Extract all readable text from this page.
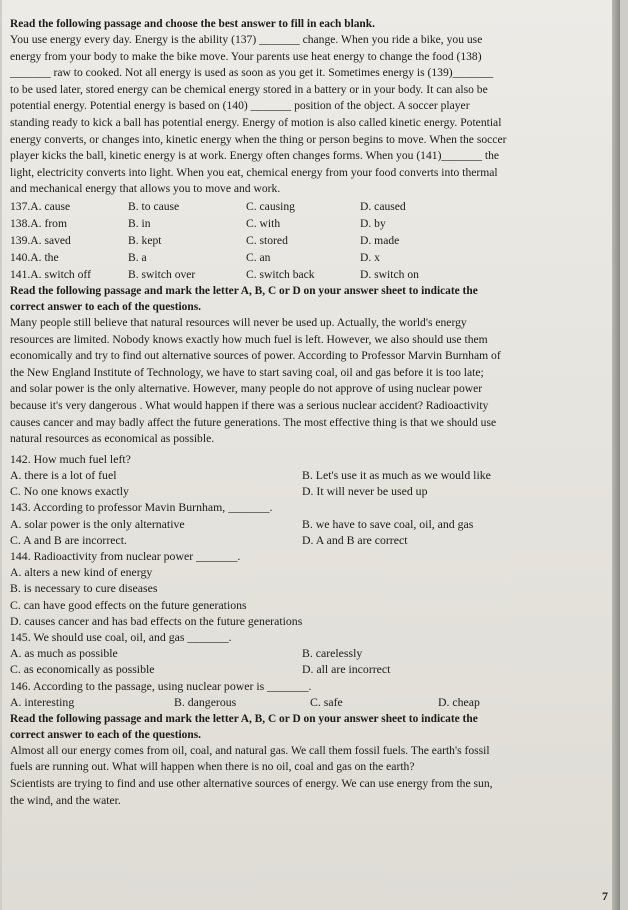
Read the following passage and choose the best answer to fill in each blank.

You use energy every day. Energy is the ability (137) _______ change. When you ride a bike, you use

energy from your body to make the bike move. Your parents use heat energy to change the food (138)

_______ raw to cooked. Not all energy is used as soon as you get it. Sometimes energy is (139)_______

to be used later, stored energy can be chemical energy stored in a battery or in your body. It can also be

potential energy. Potential energy is based on (140) _______ position of the object. A soccer player

standing ready to kick a ball has potential energy. Energy of motion is also called kinetic energy. Potential

energy converts, or changes into, kinetic energy when the thing or person begins to move. When the soccer

player kicks the ball, kinetic energy is at work. Energy often changes forms. When you (141)_______ the

light, electricity converts into light. When you eat, chemical energy from your food converts into thermal

and mechanical energy that allows you to move and work.

137.A. cause	B. to cause	C. causing	D. caused
138.A. from	B. in	C. with	D. by
139.A. saved	B. kept	C. stored	D. made
140.A. the	B. a	C. an	D. x
141.A. switch off	B. switch over	C. switch back	D. switch on

Read the following passage and mark the letter A, B, C or D on your answer sheet to indicate the

correct answer to each of the questions.

Many people still believe that natural resources will never be used up. Actually, the world's energy

resources are limited. Nobody knows exactly how much fuel is left. However, we also should use them

economically and try to find out alternative sources of power. According to Professor Marvin Burnham of

the New England Institute of Technology, we have to start saving coal, oil and gas before it is too late;

and solar power is the only alternative. However, many people do not approve of using nuclear power

because it's very dangerous . What would happen if there was a serious nuclear accident? Radioactivity

causes cancer and may badly affect the future generations. The most effective thing is that we should use

natural resources as economical as possible.

142. How much fuel left?

A. there is a lot of fuel	B. Let's use it as much as we would like
C. No one knows exactly	D. It will never be used up

143. According to professor Mavin Burnham, _______.

A. solar power is the only alternative	B. we have to save coal, oil, and gas
C. A and B are incorrect.	D. A and B are correct

144. Radioactivity from nuclear power _______.

A. alters a new kind of energy

B. is necessary to cure diseases

C. can have good effects on the future generations

D. causes cancer and has bad effects on the future generations

145. We should use coal, oil, and gas _______.

A. as much as possible	B. carelessly
C. as economically as possible	D. all are incorrect

146. According to the passage, using nuclear power is _______.

A. interesting	B. dangerous	C. safe	D. cheap

Read the following passage and mark the letter A, B, C or D on your answer sheet to indicate the

correct answer to each of the questions.

Almost all our energy comes from oil, coal, and natural gas. We call them fossil fuels. The earth's fossil

fuels are running out. What will happen when there is no oil, coal and gas on the earth?

Scientists are trying to find and use other alternative sources of energy. We can use energy from the sun,

the wind, and the water.

7
